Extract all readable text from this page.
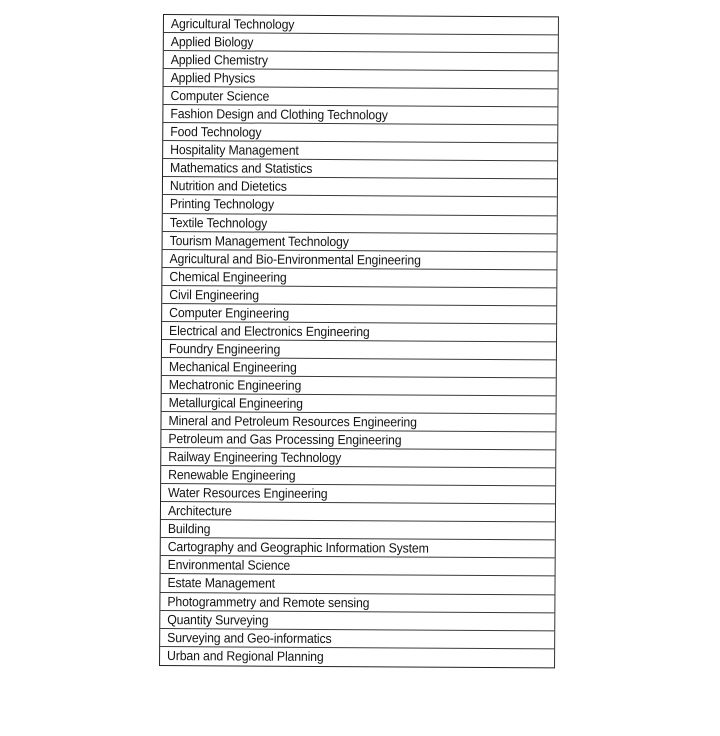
Agricultural Technology
Applied Biology
Applied Chemistry
Applied Physics
Computer Science
Fashion Design and Clothing Technology
Food Technology
Hospitality Management
Mathematics and Statistics
Nutrition and Dietetics
Printing Technology
Textile Technology
Tourism Management Technology
Agricultural and Bio-Environmental Engineering
Chemical Engineering
Civil Engineering
Computer Engineering
Electrical and Electronics Engineering
Foundry Engineering
Mechanical Engineering
Mechatronic Engineering
Metallurgical Engineering
Mineral and Petroleum Resources Engineering
Petroleum and Gas Processing Engineering
Railway Engineering Technology
Renewable Engineering
Water Resources Engineering
Architecture
Building
Cartography and Geographic Information System
Environmental Science
Estate Management
Photogrammetry and Remote sensing
Quantity Surveying
Surveying and Geo-informatics
Urban and Regional Planning
